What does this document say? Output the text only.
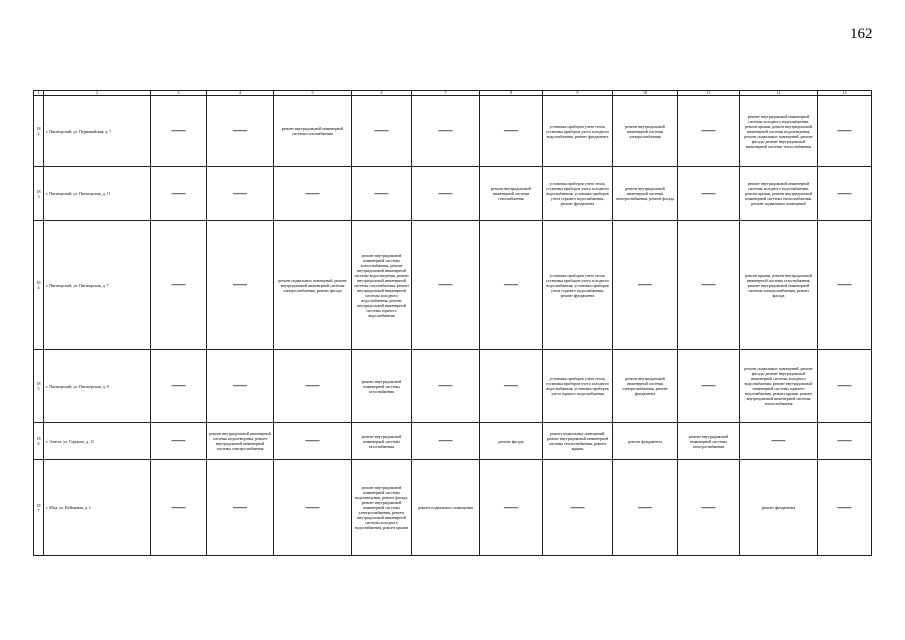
162
1	2	3	4	5	6	7	8	9	10	11	12	13
182	г. Пятигорский, ул. Первомайская, д. 7	—	—	ремонт внутридомовой инженерной системы газоснабжения	—	—	—	установка приборов учета тепла, установка приборов учета холодного водоснабжения, ремонт фундамента	ремонт внутридомовой инженерной системы электроснабжения	—	ремонт внутридомовой инженерной системы холодного водоснабжения, ремонт крыши, ремонт внутридомовой инженерной системы водоотведения, ремонт подвальных помещений, ремонт фасада, ремонт внутридомовой инженерной системы теплоснабжения	—
183	г. Пятигорский, ул. Пятигорская, д. 11	—	—	—	—	—	ремонт внутридомовой инженерной системы газоснабжения	установка приборов учета тепла, установка приборов учета холодного водоснабжения, установка приборов учета горячего водоснабжения, ремонт фундамента	ремонт внутридомовой инженерной системы электроснабжения, ремонт фасада	—	ремонт внутридомовой инженерной системы холодного водоснабжения, ремонт крыши, ремонт внутридомовой инженерной системы теплоснабжения, ремонт подвальных помещений	—
184	г. Пятигорский, ул. Пятигорская, д. 7	—	—	ремонт подвальных помещений, ремонт внутридомовой инженерной системы электроснабжения, ремонт фасада	ремонт внутридомовой инженерной системы теплоснабжения, ремонт внутридомовой инженерной системы водоотведения, ремонт внутридомовой инженерной системы газоснабжения, ремонт внутридомовой инженерной системы холодного водоснабжения, ремонт внутридомовой инженерной системы горячего водоснабжения	—	—	установка приборов учета тепла, установка приборов учета холодного водоснабжения, установка приборов учета горячего водоснабжения, ремонт фундамента	—	—	ремонт крыши, ремонт внутридомовой инженерной системы газоснабжения, ремонт внутридомовой инженерной системы электроснабжения, ремонт фасада	—
185	г. Пятигорский, ул. Пятигорская, д. 9	—	—	—	ремонт внутридомовой инженерной системы газоснабжения	—	—	установка приборов учета тепла, установка приборов учета холодного водоснабжения, установка приборов учета горячего водоснабжения	ремонт внутридомовой инженерной системы электроснабжения, ремонт фундамента	—	ремонт подвальных помещений, ремонт фасада, ремонт внутридомовой инженерной системы холодного водоснабжения, ремонт внутридомовой инженерной системы горячего водоснабжения, ремонт крыши, ремонт внутридомовой инженерной системы теплоснабжения	—
186	г. Элиста, ул. Горького, д. 11	—	ремонт внутридомовой инженерной системы водоотведения, ремонт внутридомовой инженерной системы электроснабжения	—	ремонт внутридомовой инженерной системы газоснабжения	—	ремонт фасада	ремонт подвальных помещений, ремонт внутридомовой инженерной системы теплоснабжения, ремонт крыши	ремонт фундамента	ремонт внутридомовой инженерной системы электроснабжения	—	—
187	г. Юца, ул. Войсковая, д. 1	—	—	—	ремонт внутридомовой инженерной системы водоотведения, ремонт фасада, ремонт внутридомовой инженерной системы электроснабжения, ремонт внутридомовой инженерной системы холодного водоснабжения, ремонт крыши	ремонт подвального помещения	—	—	—	—	ремонт фундамента	—
